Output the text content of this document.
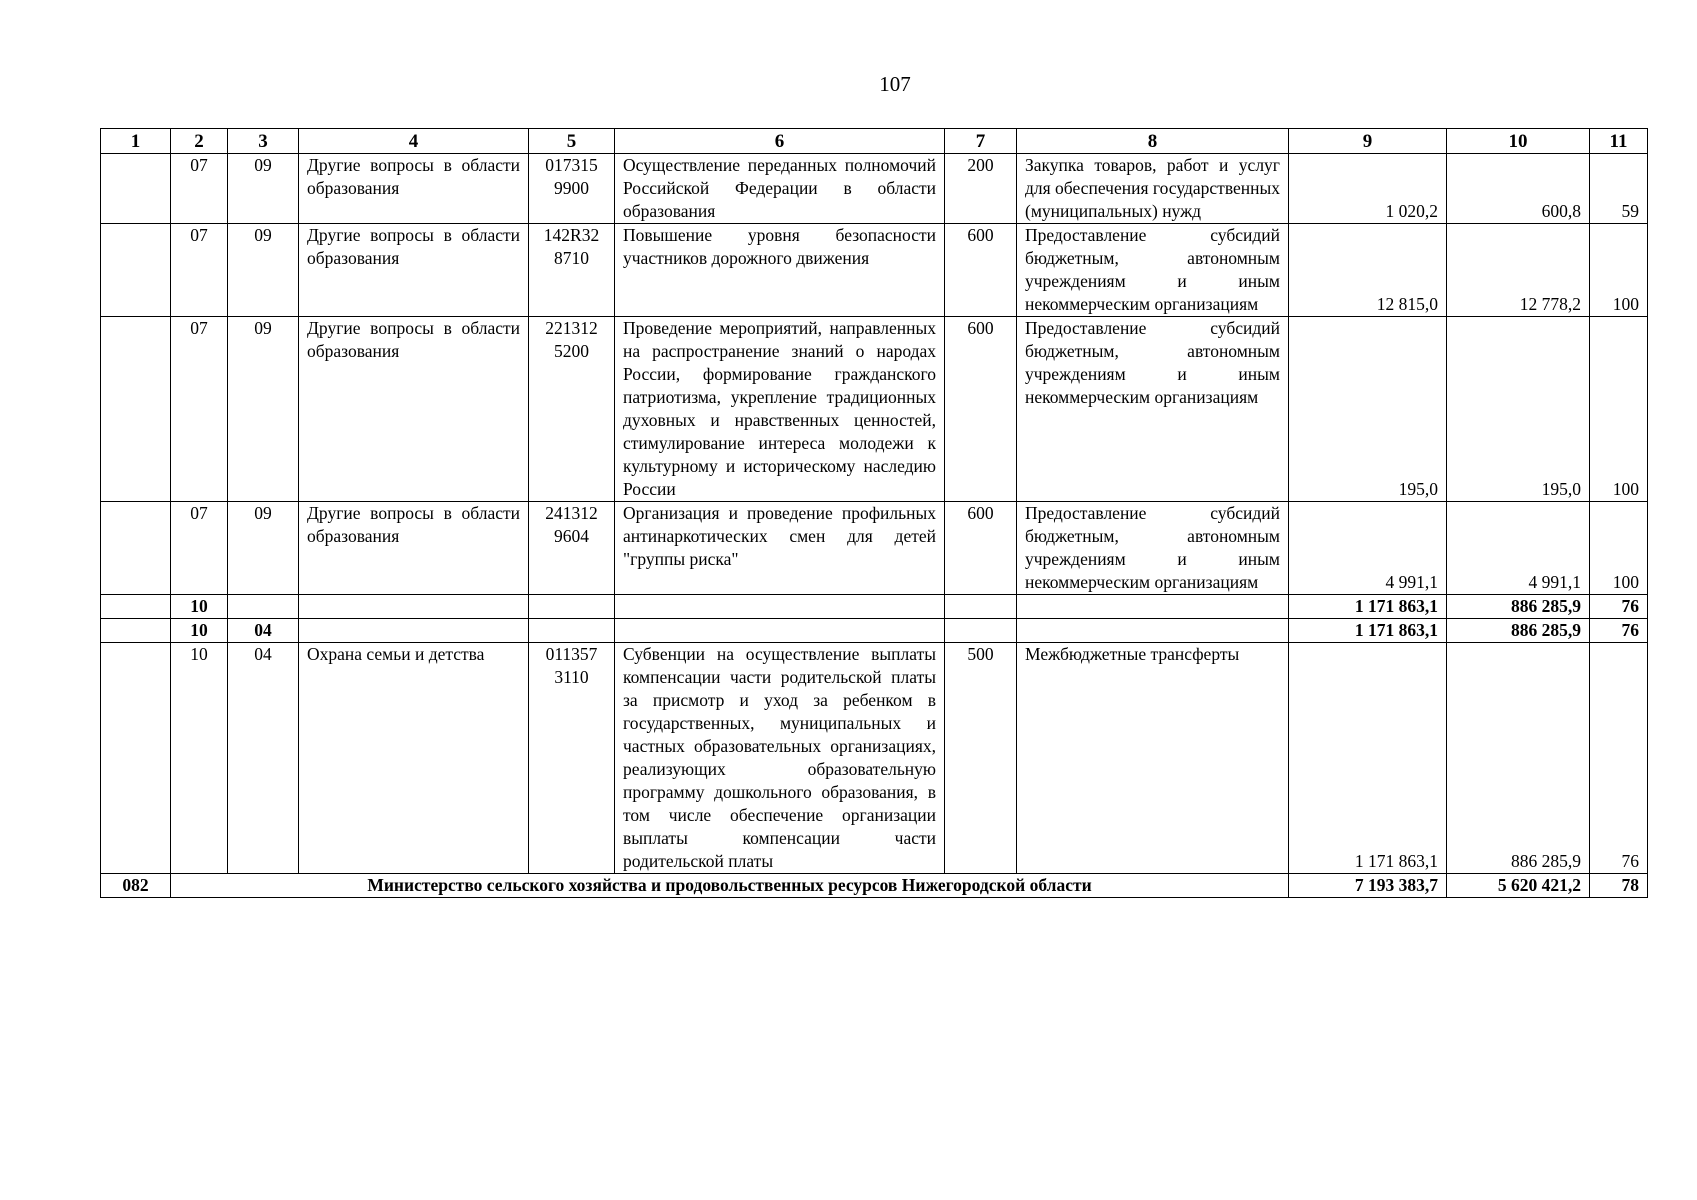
107
1	2	3	4	5	6	7	8	9	10	11
	07	09	Другие вопросы в области образования	017315 9900	Осуществление переданных полномочий Российской Федерации в области образования	200	Закупка товаров, работ и услуг для обеспечения государственных (муниципальных) нужд	1 020,2	600,8	59
	07	09	Другие вопросы в области образования	142R32 8710	Повышение уровня безопасности участников дорожного движения	600	Предоставление субсидий бюджетным, автономным учреждениям и иным некоммерческим организациям	12 815,0	12 778,2	100
	07	09	Другие вопросы в области образования	221312 5200	Проведение мероприятий, направленных на распространение знаний о народах России, формирование гражданского патриотизма, укрепление традиционных духовных и нравственных ценностей, стимулирование интереса молодежи к культурному и историческому наследию России	600	Предоставление субсидий бюджетным, автономным учреждениям и иным некоммерческим организациям	195,0	195,0	100
	07	09	Другие вопросы в области образования	241312 9604	Организация и проведение профильных антинаркотических смен для детей "группы риска"	600	Предоставление субсидий бюджетным, автономным учреждениям и иным некоммерческим организациям	4 991,1	4 991,1	100
	10							1 171 863,1	886 285,9	76
	10	04						1 171 863,1	886 285,9	76
	10	04	Охрана семьи и детства	011357 3110	Субвенции на осуществление выплаты компенсации части родительской платы за присмотр и уход за ребенком в государственных, муниципальных и частных образовательных организациях, реализующих образовательную программу дошкольного образования, в том числе обеспечение организации выплаты компенсации части родительской платы	500	Межбюджетные трансферты	1 171 863,1	886 285,9	76
082	Министерство сельского хозяйства и продовольственных ресурсов Нижегородской области							7 193 383,7	5 620 421,2	78
